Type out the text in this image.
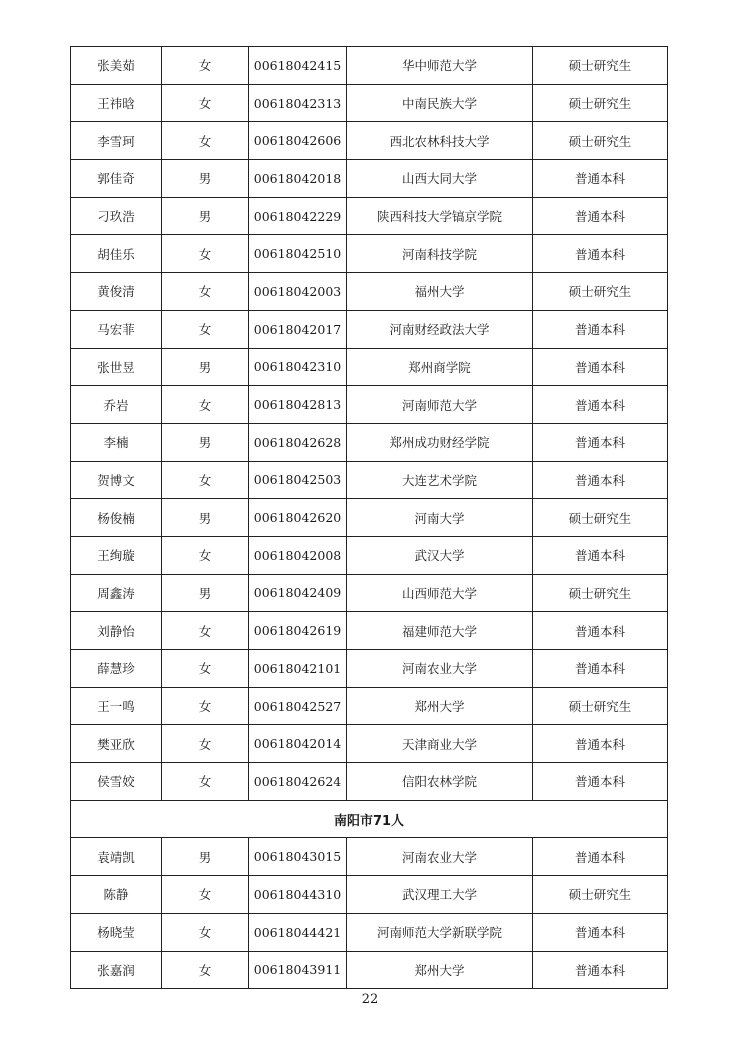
张美茹	女	00618042415	华中师范大学	硕士研究生
王祎晗	女	00618042313	中南民族大学	硕士研究生
李雪珂	女	00618042606	西北农林科技大学	硕士研究生
郭佳奇	男	00618042018	山西大同大学	普通本科
刁玖浩	男	00618042229	陕西科技大学镐京学院	普通本科
胡佳乐	女	00618042510	河南科技学院	普通本科
黄俊清	女	00618042003	福州大学	硕士研究生
马宏菲	女	00618042017	河南财经政法大学	普通本科
张世昱	男	00618042310	郑州商学院	普通本科
乔岩	女	00618042813	河南师范大学	普通本科
李楠	男	00618042628	郑州成功财经学院	普通本科
贺博文	女	00618042503	大连艺术学院	普通本科
杨俊楠	男	00618042620	河南大学	硕士研究生
王绚璇	女	00618042008	武汉大学	普通本科
周鑫涛	男	00618042409	山西师范大学	硕士研究生
刘静怡	女	00618042619	福建师范大学	普通本科
薛慧珍	女	00618042101	河南农业大学	普通本科
王一鸣	女	00618042527	郑州大学	硕士研究生
樊亚欣	女	00618042014	天津商业大学	普通本科
侯雪姣	女	00618042624	信阳农林学院	普通本科
南阳市71人				
袁靖凯	男	00618043015	河南农业大学	普通本科
陈静	女	00618044310	武汉理工大学	硕士研究生
杨晓莹	女	00618044421	河南师范大学新联学院	普通本科
张嘉润	女	00618043911	郑州大学	普通本科
22
